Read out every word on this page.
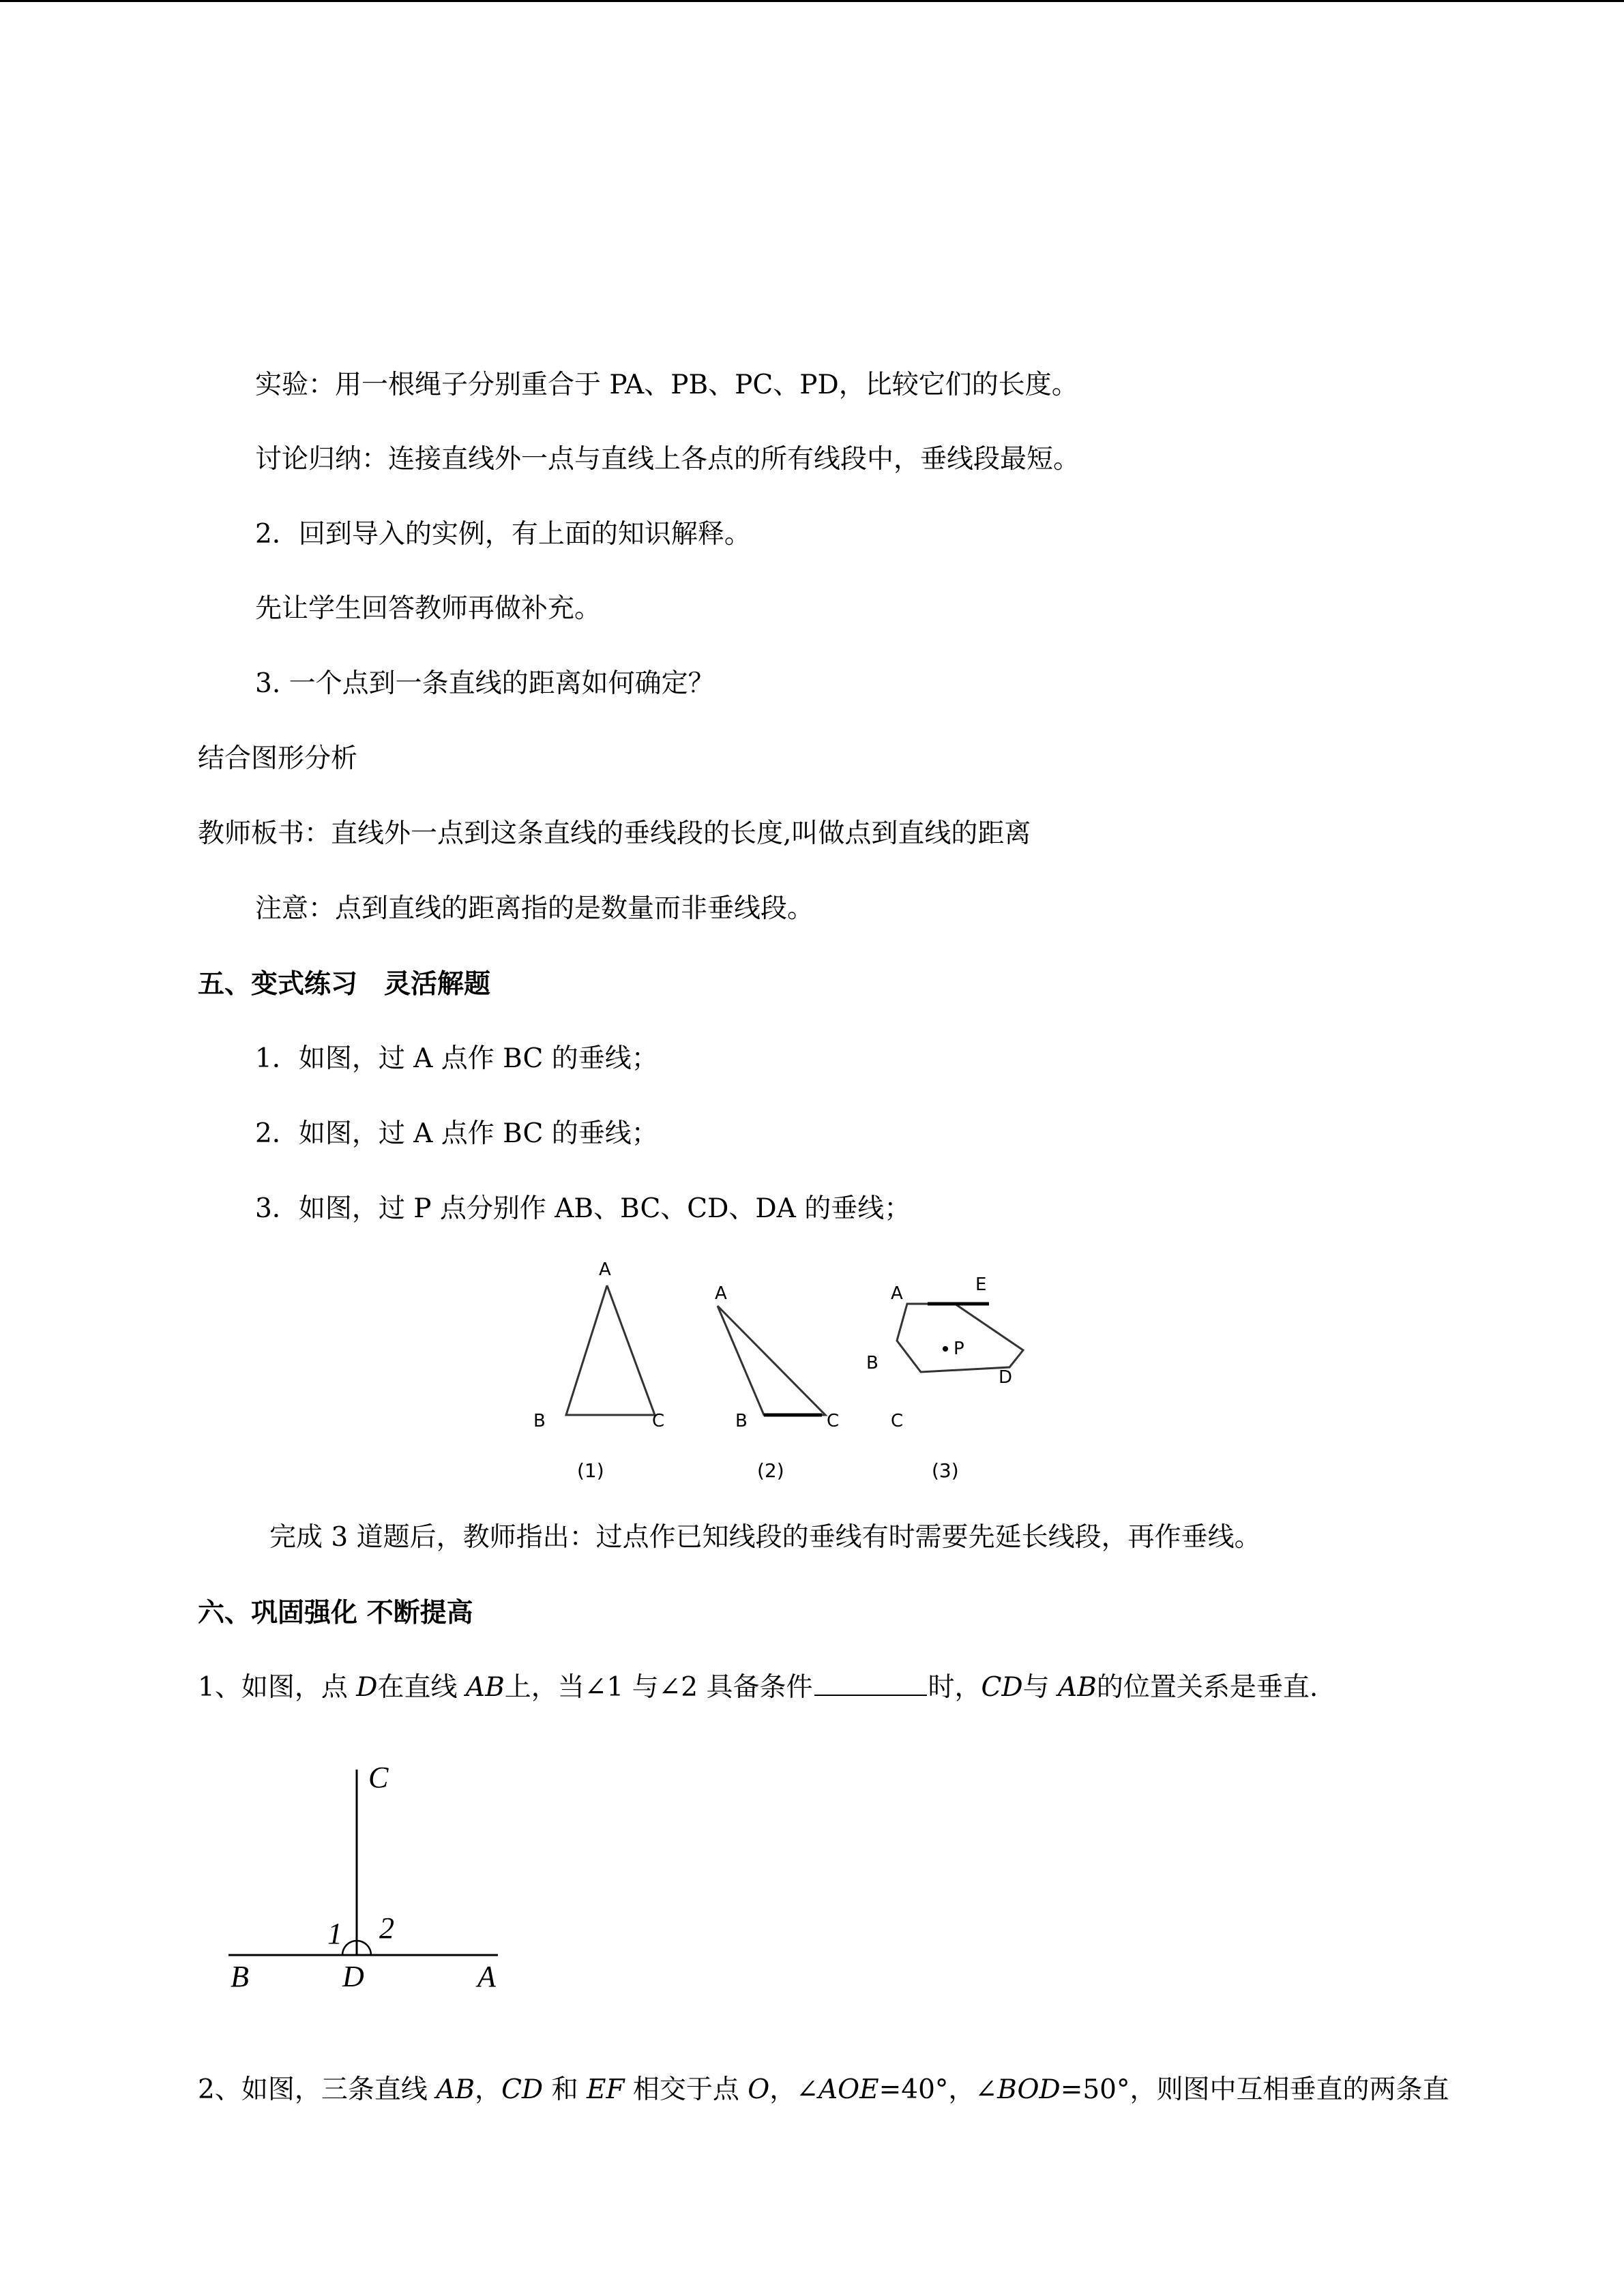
实验：用一根绳子分别重合于 PA、PB、PC、PD，比较它们的长度。
讨论归纳：连接直线外一点与直线上各点的所有线段中，垂线段最短。
2．回到导入的实例，有上面的知识解释。
先让学生回答教师再做补充。
3. 一个点到一条直线的距离如何确定？
结合图形分析
教师板书：直线外一点到这条直线的垂线段的长度,叫做点到直线的距离
注意：点到直线的距离指的是数量而非垂线段。
五、变式练习　灵活解题
1．如图，过 A 点作 BC 的垂线；
2．如图，过 A 点作 BC 的垂线；
3．如图，过 P 点分别作 AB、BC、CD、DA 的垂线；
A
B	C
(1)
A
B	C
(2)
A	E
B
P
D
C
(3)
完成 3 道题后，教师指出：过点作已知线段的垂线有时需要先延长线段，再作垂线。
六、巩固强化 不断提高
1、如图，点 D在直线 AB上，当∠1 与∠2 具备条件	时，CD与 AB的位置关系是垂直.
C
1 2
B	D	A
2、如图，三条直线 AB，CD 和 EF 相交于点 O，∠AOE=40°，∠BOD=50°，则图中互相垂直的两条直
